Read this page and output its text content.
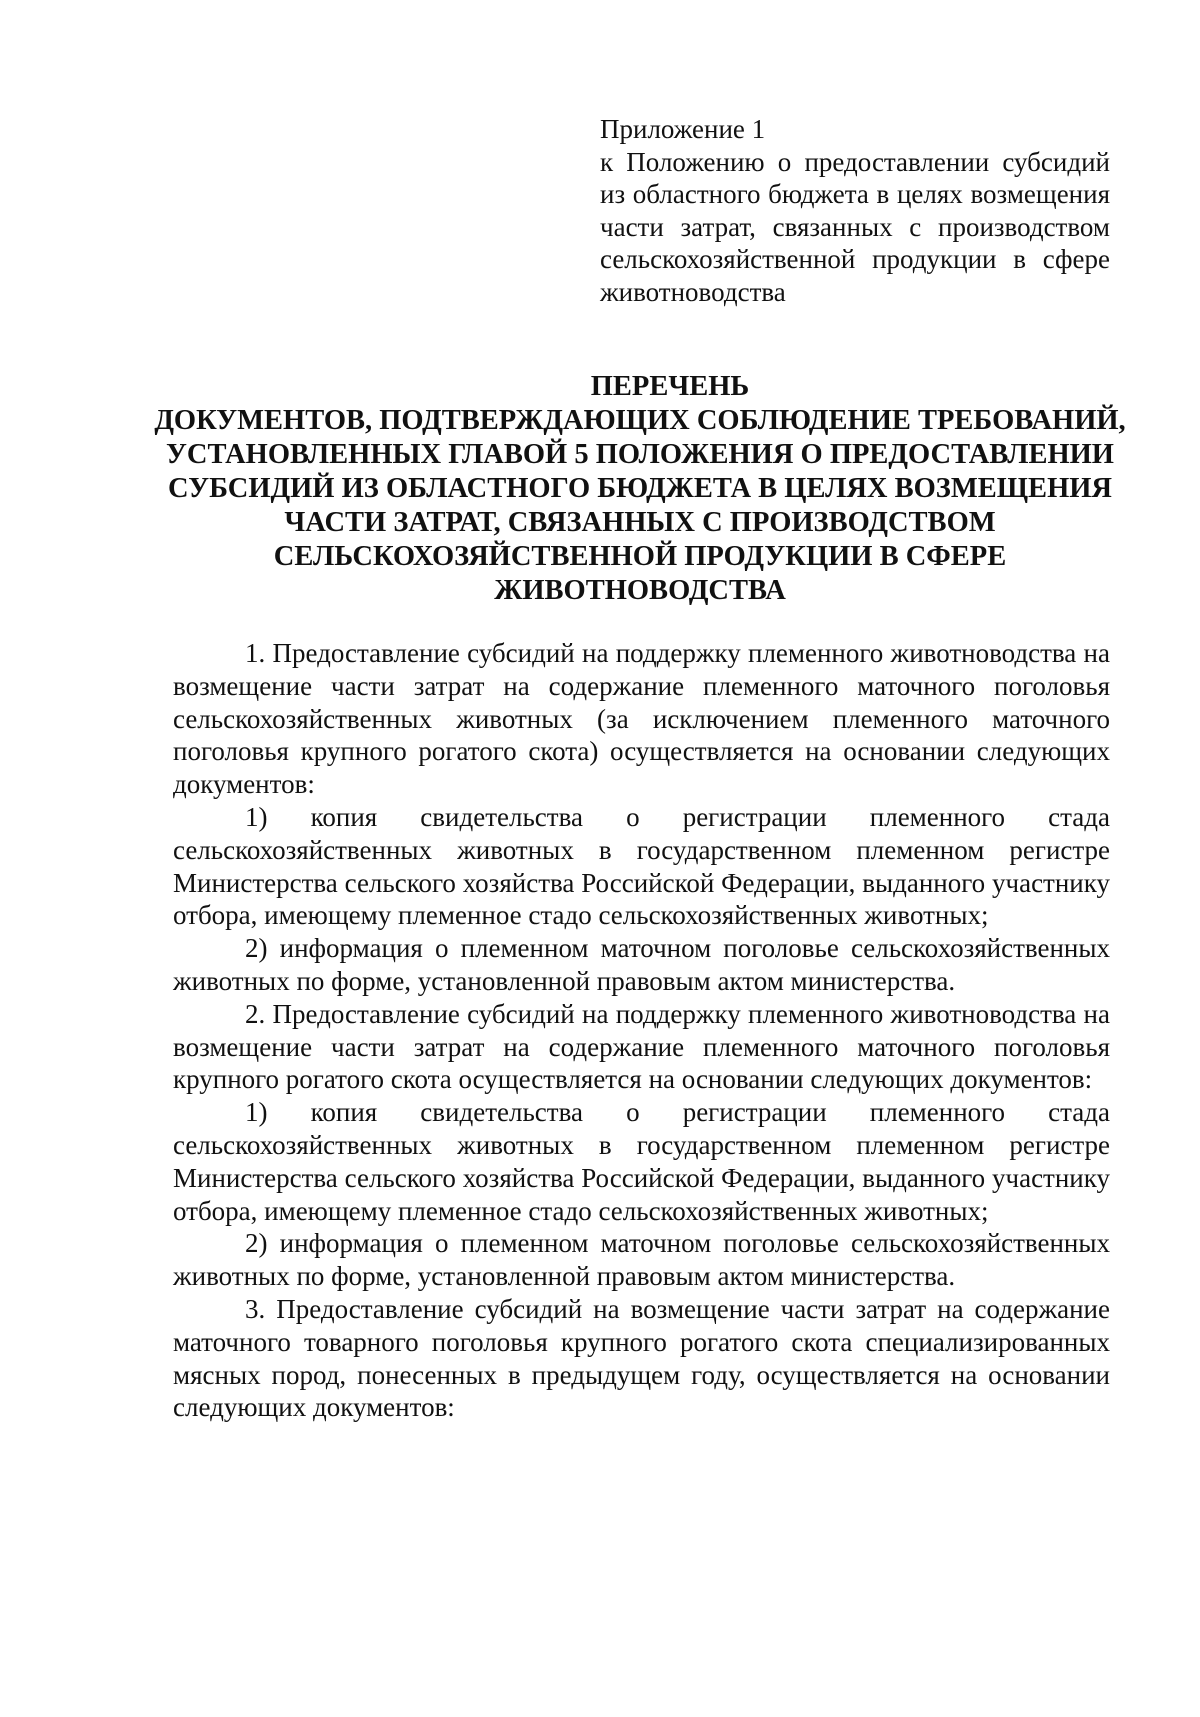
Приложение 1
к Положению о предоставлении субсидий из областного бюджета в целях возмещения части затрат, связанных с производством сельскохозяйственной продукции в сфере животноводства
ПЕРЕЧЕНЬ
ДОКУМЕНТОВ, ПОДТВЕРЖДАЮЩИХ СОБЛЮДЕНИЕ ТРЕБОВАНИЙ, УСТАНОВЛЕННЫХ ГЛАВОЙ 5 ПОЛОЖЕНИЯ О ПРЕДОСТАВЛЕНИИ СУБСИДИЙ ИЗ ОБЛАСТНОГО БЮДЖЕТА В ЦЕЛЯХ ВОЗМЕЩЕНИЯ ЧАСТИ ЗАТРАТ, СВЯЗАННЫХ С ПРОИЗВОДСТВОМ СЕЛЬСКОХОЗЯЙСТВЕННОЙ ПРОДУКЦИИ В СФЕРЕ ЖИВОТНОВОДСТВА

1. Предоставление субсидий на поддержку племенного животноводства на возмещение части затрат на содержание племенного маточного поголовья сельскохозяйственных животных (за исключением племенного маточного поголовья крупного рогатого скота) осуществляется на основании следующих документов:

1) копия свидетельства о регистрации племенного стада сельскохозяйственных животных в государственном племенном регистре Министерства сельского хозяйства Российской Федерации, выданного участнику отбора, имеющему племенное стадо сельскохозяйственных животных;

2) информация о племенном маточном поголовье сельскохозяйственных животных по форме, установленной правовым актом министерства.

2. Предоставление субсидий на поддержку племенного животноводства на возмещение части затрат на содержание племенного маточного поголовья крупного рогатого скота осуществляется на основании следующих документов:

1) копия свидетельства о регистрации племенного стада сельскохозяйственных животных в государственном племенном регистре Министерства сельского хозяйства Российской Федерации, выданного участнику отбора, имеющему племенное стадо сельскохозяйственных животных;

2) информация о племенном маточном поголовье сельскохозяйственных животных по форме, установленной правовым актом министерства.

3. Предоставление субсидий на возмещение части затрат на содержание маточного товарного поголовья крупного рогатого скота специализированных мясных пород, понесенных в предыдущем году, осуществляется на основании следующих документов:
